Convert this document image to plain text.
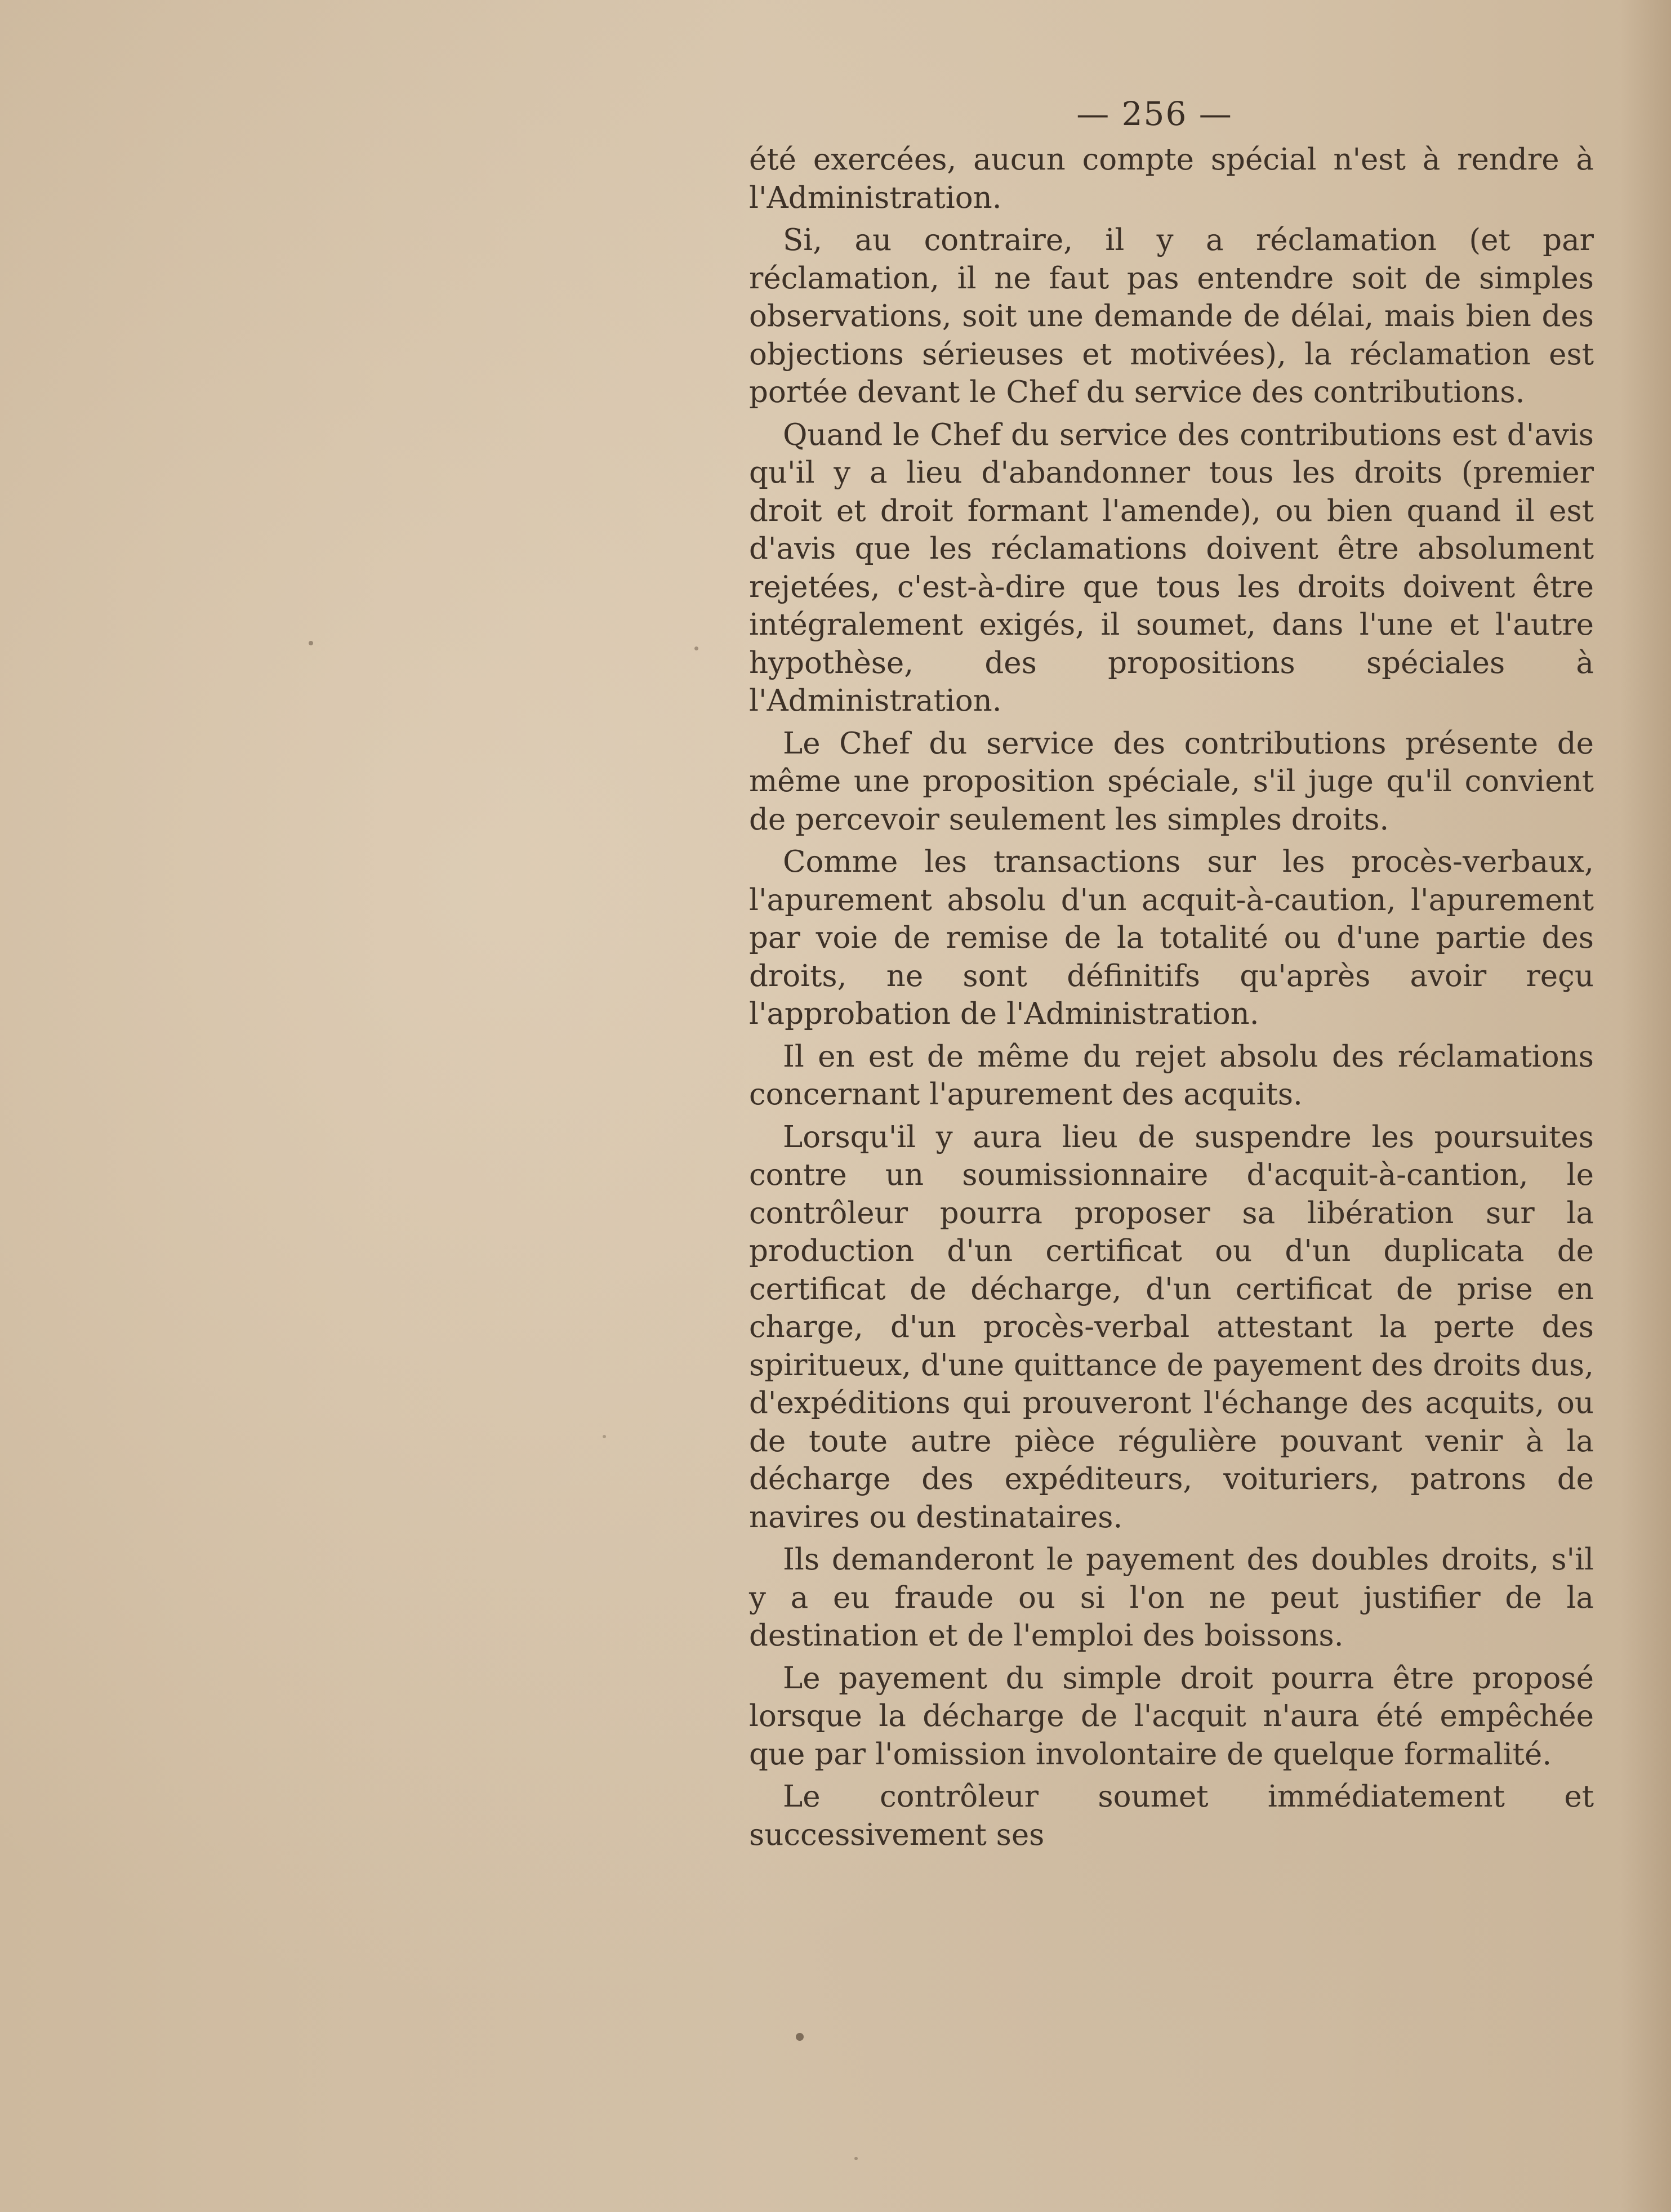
— 256 —

été exercées, aucun compte spécial n'est à rendre à l'Administration.

Si, au contraire, il y a réclamation (et par réclamation, il ne faut pas entendre soit de simples observations, soit une demande de délai, mais bien des objections sérieuses et motivées), la réclamation est portée devant le Chef du service des contributions.

Quand le Chef du service des contributions est d'avis qu'il y a lieu d'abandonner tous les droits (premier droit et droit formant l'amende), ou bien quand il est d'avis que les réclamations doivent être absolument rejetées, c'est-à-dire que tous les droits doivent être intégralement exigés, il soumet, dans l'une et l'autre hypothèse, des propositions spéciales à l'Administration.

Le Chef du service des contributions présente de même une proposition spéciale, s'il juge qu'il convient de percevoir seulement les simples droits.

Comme les transactions sur les procès-verbaux, l'apurement absolu d'un acquit-à-caution, l'apurement par voie de remise de la totalité ou d'une partie des droits, ne sont définitifs qu'après avoir reçu l'approbation de l'Administration.

Il en est de même du rejet absolu des réclamations concernant l'apurement des acquits.

Lorsqu'il y aura lieu de suspendre les poursuites contre un soumissionnaire d'acquit-à-cantion, le contrôleur pourra proposer sa libération sur la production d'un certificat ou d'un duplicata de certificat de décharge, d'un certificat de prise en charge, d'un procès-verbal attestant la perte des spiritueux, d'une quittance de payement des droits dus, d'expéditions qui prouveront l'échange des acquits, ou de toute autre pièce régulière pouvant venir à la décharge des expéditeurs, voituriers, patrons de navires ou destinataires.

Ils demanderont le payement des doubles droits, s'il y a eu fraude ou si l'on ne peut justifier de la destination et de l'emploi des boissons.

Le payement du simple droit pourra être proposé lorsque la décharge de l'acquit n'aura été empêchée que par l'omission involontaire de quelque formalité.

Le contrôleur soumet immédiatement et successivement ses
